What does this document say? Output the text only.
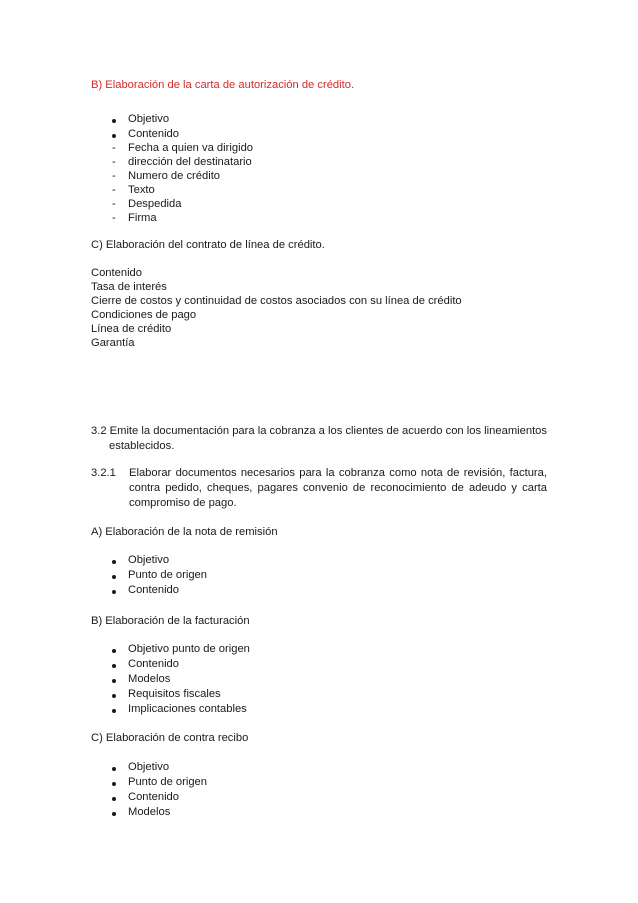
B) Elaboración de la carta de autorización de crédito.
Objetivo
Contenido
- Fecha a quien va dirigido
- dirección del destinatario
- Numero de crédito
- Texto
- Despedida
- Firma
C) Elaboración del contrato de línea de crédito.
Contenido
Tasa de interés
Cierre de costos y continuidad de costos asociados con su línea de crédito
Condiciones de pago
Línea de crédito
Garantía
3.2 Emite la documentación para la cobranza a los clientes de acuerdo con los lineamientos
establecidos.
3.2.1 Elaborar documentos necesarios para la cobranza como nota de revisión, factura,
contra pedido, cheques, pagares convenio de reconocimiento de adeudo y carta
compromiso de pago.
A) Elaboración de la nota de remisión
Objetivo
Punto de origen
Contenido
B) Elaboración de la facturación
Objetivo punto de origen
Contenido
Modelos
Requisitos fiscales
Implicaciones contables
C) Elaboración de contra recibo
Objetivo
Punto de origen
Contenido
Modelos
